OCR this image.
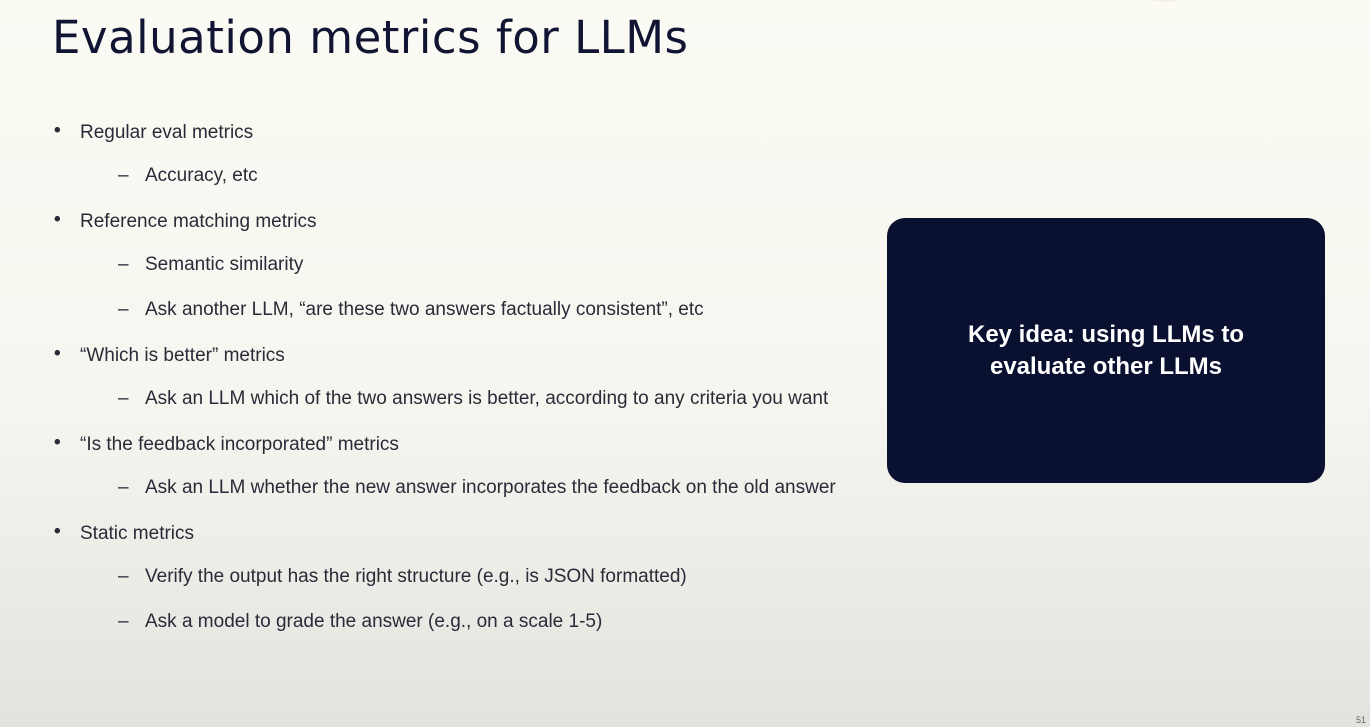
Evaluation metrics for LLMs
• Regular eval metrics
– Accuracy, etc
• Reference matching metrics
– Semantic similarity
– Ask another LLM, “are these two answers factually consistent”, etc
• “Which is better” metrics
– Ask an LLM which of the two answers is better, according to any criteria you want
• “Is the feedback incorporated” metrics
– Ask an LLM whether the new answer incorporates the feedback on the old answer
• Static metrics
– Verify the output has the right structure (e.g., is JSON formatted)
– Ask a model to grade the answer (e.g., on a scale 1-5)
Key idea: using LLMs to evaluate other LLMs
51
